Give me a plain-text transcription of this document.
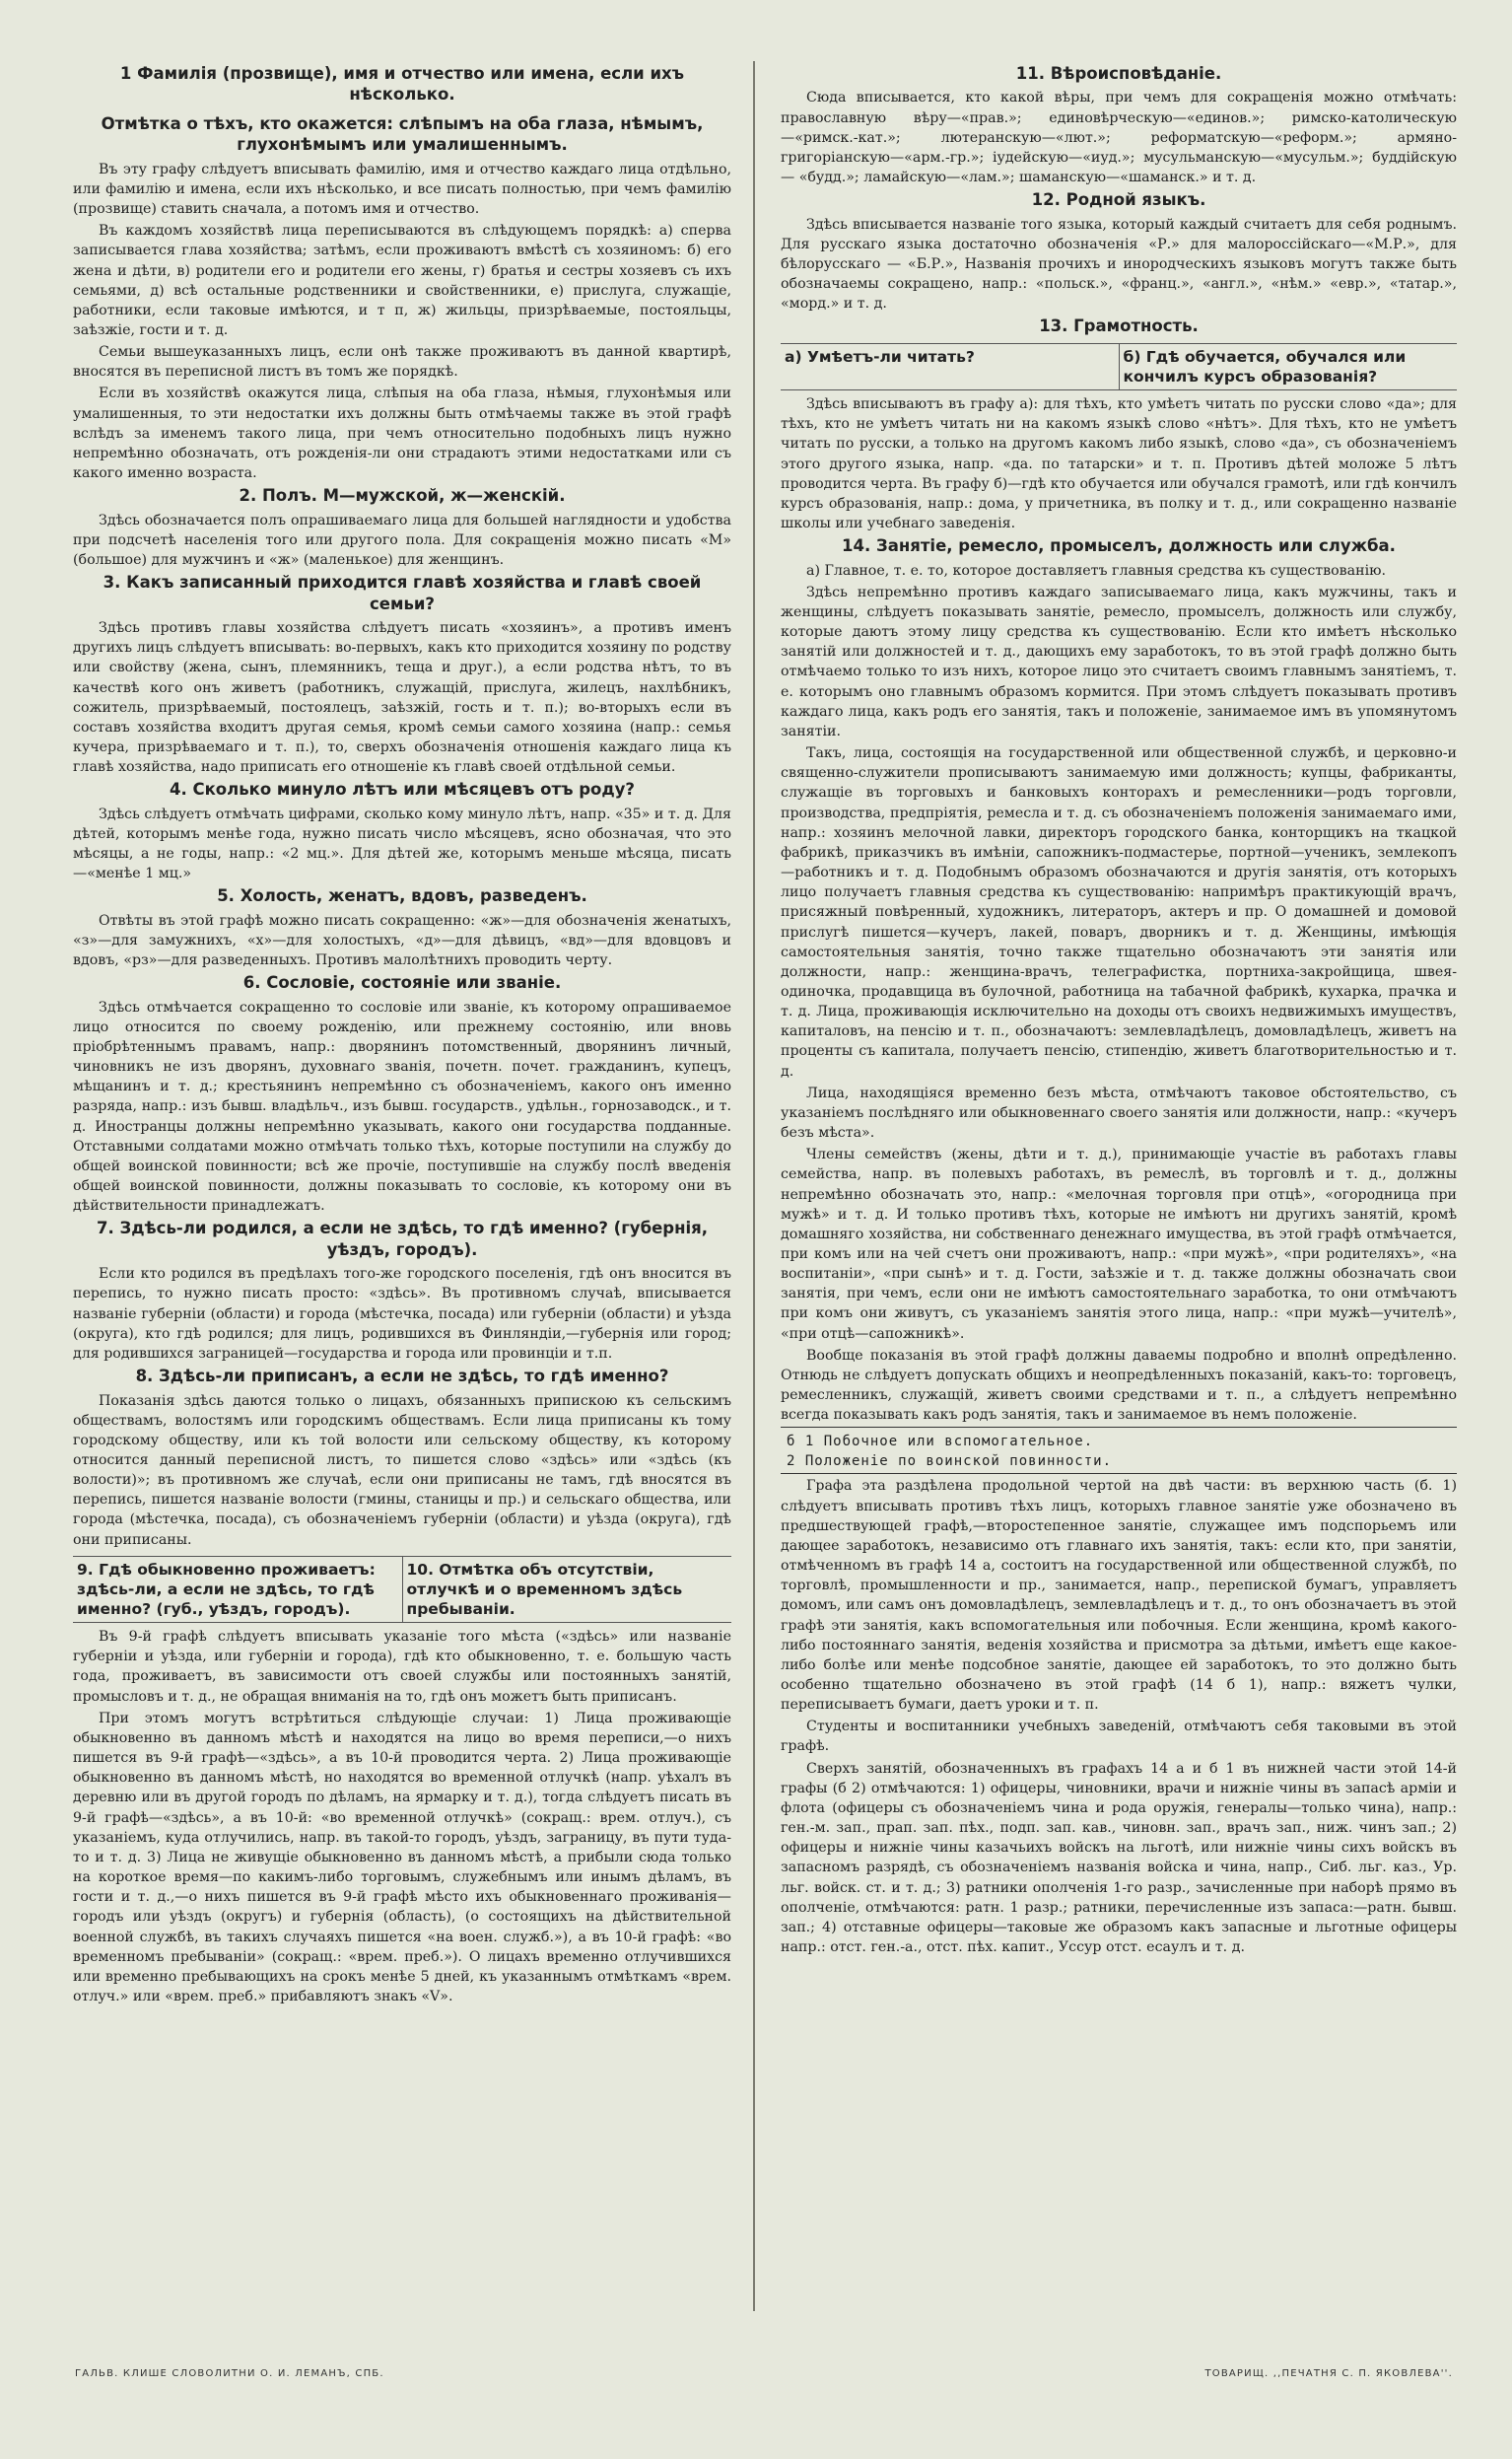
1 Фамилія (прозвище), имя и отчество или имена, если ихъ нѣсколько.
Отмѣтка о тѣхъ, кто окажется: слѣпымъ на оба глаза, нѣмымъ, глухонѣмымъ или умалишеннымъ.

Въ эту графу слѣдуетъ вписывать фамилію, имя и отчество каждаго лица отдѣльно, или фамилію и имена, если ихъ нѣсколько, и все писать полностью, при чемъ фамилію (прозвище) ставить сначала, а потомъ имя и отчество.

Въ каждомъ хозяйствѣ лица переписываются въ слѣдующемъ порядкѣ: а) сперва записывается глава хозяйства; затѣмъ, если проживаютъ вмѣстѣ съ хозяиномъ: б) его жена и дѣти, в) родители его и родители его жены, г) братья и сестры хозяевъ съ ихъ семьями, д) всѣ остальные родственники и свойственники, е) прислуга, служащіе, работники, если таковые имѣются, и т п, ж) жильцы, призрѣваемые, постояльцы, заѣзжіе, гости и т. д.

Семьи вышеуказанныхъ лицъ, если онѣ также проживаютъ въ данной квартирѣ, вносятся въ переписной листъ въ томъ же порядкѣ.

Если въ хозяйствѣ окажутся лица, слѣпыя на оба глаза, нѣмыя, глухонѣмыя или умалишенныя, то эти недостатки ихъ должны быть отмѣчаемы также въ этой графѣ вслѣдъ за именемъ такого лица, при чемъ относительно подобныхъ лицъ нужно непремѣнно обозначать, отъ рожденія-ли они страдаютъ этими недостатками или съ какого именно возраста.

2. Полъ. М—мужской, ж—женскій.

Здѣсь обозначается полъ опрашиваемаго лица для большей наглядности и удобства при подсчетѣ населенія того или другого пола. Для сокращенія можно писать «М» (большое) для мужчинъ и «ж» (маленькое) для женщинъ.

3. Какъ записанный приходится главѣ хозяйства и главѣ своей семьи?

Здѣсь противъ главы хозяйства слѣдуетъ писать «хозяинъ», а противъ именъ другихъ лицъ слѣдуетъ вписывать: во-первыхъ, какъ кто приходится хозяину по родству или свойству (жена, сынъ, племянникъ, теща и друг.), а если родства нѣтъ, то въ качествѣ кого онъ живетъ (работникъ, служащій, прислуга, жилецъ, нахлѣбникъ, сожитель, призрѣваемый, постоялецъ, заѣзжій, гость и т. п.); во-вторыхъ если въ составъ хозяйства входитъ другая семья, кромѣ семьи самого хозяина (напр.: семья кучера, призрѣваемаго и т. п.), то, сверхъ обозначенія отношенія каждаго лица къ главѣ хозяйства, надо приписать его отношеніе къ главѣ своей отдѣльной семьи.

4. Сколько минуло лѣтъ или мѣсяцевъ отъ роду?

Здѣсь слѣдуетъ отмѣчать цифрами, сколько кому минуло лѣтъ, напр. «35» и т. д. Для дѣтей, которымъ менѣе года, нужно писать число мѣсяцевъ, ясно обозначая, что это мѣсяцы, а не годы, напр.: «2 мц.». Для дѣтей же, которымъ меньше мѣсяца, писать—«менѣе 1 мц.»

5. Холость, женатъ, вдовъ, разведенъ.

Отвѣты въ этой графѣ можно писать сокращенно: «ж»—для обозначенія женатыхъ, «з»—для замужнихъ, «х»—для холостыхъ, «д»—для дѣвицъ, «вд»—для вдовцовъ и вдовъ, «рз»—для разведенныхъ. Противъ малолѣтнихъ проводить черту.

6. Сословіе, состояніе или званіе.

Здѣсь отмѣчается сокращенно то сословіе или званіе, къ которому опрашиваемое лицо относится по своему рожденію, или прежнему состоянію, или вновь пріобрѣтеннымъ правамъ, напр.: дворянинъ потомственный, дворянинъ личный, чиновникъ не изъ дворянъ, духовнаго званія, почетн. почет. гражданинъ, купецъ, мѣщанинъ и т. д.; крестьянинъ непремѣнно съ обозначеніемъ, какого онъ именно разряда, напр.: изъ бывш. владѣльч., изъ бывш. государств., удѣльн., горнозаводск., и т. д. Иностранцы должны непремѣнно указывать, какого они государства подданные. Отставными солдатами можно отмѣчать только тѣхъ, которые поступили на службу до общей воинской повинности; всѣ же прочіе, поступившіе на службу послѣ введенія общей воинской повинности, должны показывать то сословіе, къ которому они въ дѣйствительности принадлежатъ.

7. Здѣсь-ли родился, а если не здѣсь, то гдѣ именно? (губернія, уѣздъ, городъ).

Если кто родился въ предѣлахъ того-же городского поселенія, гдѣ онъ вносится въ перепись, то нужно писать просто: «здѣсь». Въ противномъ случаѣ, вписывается названіе губерніи (области) и города (мѣстечка, посада) или губерніи (области) и уѣзда (округа), кто гдѣ родился; для лицъ, родившихся въ Финляндіи,—губернія или город; для родившихся заграницей—государства и города или провинціи и т.п.

8. Здѣсь-ли приписанъ, а если не здѣсь, то гдѣ именно?

Показанія здѣсь даются только о лицахъ, обязанныхъ припискою къ сельскимъ обществамъ, волостямъ или городскимъ обществамъ. Если лица приписаны къ тому городскому обществу, или къ той волости или сельскому обществу, къ которому относится данный переписной листъ, то пишется слово «здѣсь» или «здѣсь (къ волости)»; въ противномъ же случаѣ, если они приписаны не тамъ, гдѣ вносятся въ перепись, пишется названіе волости (гмины, станицы и пр.) и сельскаго общества, или города (мѣстечка, посада), съ обозначеніемъ губерніи (области) и уѣзда (округа), гдѣ они приписаны.

9. Гдѣ обыкновенно проживаетъ: здѣсь-ли, а если не здѣсь, то гдѣ именно? (губ., уѣздъ, городъ).
10. Отмѣтка объ отсутствіи, отлучкѣ и о временномъ здѣсь пребываніи.

Въ 9-й графѣ слѣдуетъ вписывать указаніе того мѣста («здѣсь» или названіе губерніи и уѣзда, или губерніи и города), гдѣ кто обыкновенно, т. е. большую часть года, проживаетъ, въ зависимости отъ своей службы или постоянныхъ занятій, промысловъ и т. д., не обращая вниманія на то, гдѣ онъ можетъ быть приписанъ.

При этомъ могутъ встрѣтиться слѣдующіе случаи: 1) Лица проживающіе обыкновенно въ данномъ мѣстѣ и находятся на лицо во время переписи,—о нихъ пишется въ 9-й графѣ—«здѣсь», а въ 10-й проводится черта. 2) Лица проживающіе обыкновенно въ данномъ мѣстѣ, но находятся во временной отлучкѣ (напр. уѣхалъ въ деревню или въ другой городъ по дѣламъ, на ярмарку и т. д.), тогда слѣдуетъ писать въ 9-й графѣ—«здѣсь», а въ 10-й: «во временной отлучкѣ» (сокращ.: врем. отлуч.), съ указаніемъ, куда отлучились, напр. въ такой-то городъ, уѣздъ, заграницу, въ пути туда-то и т. д. 3) Лица не живущіе обыкновенно въ данномъ мѣстѣ, а прибыли сюда только на короткое время—по какимъ-либо торговымъ, служебнымъ или инымъ дѣламъ, въ гости и т. д.,—о нихъ пишется въ 9-й графѣ мѣсто ихъ обыкновеннаго проживанія—городъ или уѣздъ (округъ) и губернія (область), (о состоящихъ на дѣйствительной военной службѣ, въ такихъ случаяхъ пишется «на воен. служб.»), а въ 10-й графѣ: «во временномъ пребываніи» (сокращ.: «врем. преб.»). О лицахъ временно отлучившихся или временно пребывающихъ на срокъ менѣе 5 дней, къ указаннымъ отмѣткамъ «врем. отлуч.» или «врем. преб.» прибавляютъ знакъ «V».

11. Вѣроисповѣданіе.

Сюда вписывается, кто какой вѣры, при чемъ для сокращенія можно отмѣчать: православную вѣру—«прав.»; единовѣрческую—«единов.»; римско-католическую—«римск.-кат.»; лютеранскую—«лют.»; реформатскую—«реформ.»; армяно-григоріанскую—«арм.-гр.»; іудейскую—«иуд.»; мусульманскую—«мусульм.»; буддійскую — «будд.»; ламайскую—«лам.»; шаманскую—«шаманск.» и т. д.

12. Родной языкъ.

Здѣсь вписывается названіе того языка, который каждый считаетъ для себя роднымъ. Для русскаго языка достаточно обозначенія «Р.» для малороссійскаго—«М.Р.», для бѣлорусскаго — «Б.Р.», Названія прочихъ и инородческихъ языковъ могутъ также быть обозначаемы сокращено, напр.: «польск.», «франц.», «англ.», «нѣм.» «евр.», «татар.», «морд.» и т. д.

13. Грамотность.
а) Умѣетъ-ли читать?	б) Гдѣ обучается, обучался или кончилъ курсъ образованія?

Здѣсь вписываютъ въ графу а): для тѣхъ, кто умѣетъ читать по русски слово «да»; для тѣхъ, кто не умѣетъ читать ни на какомъ языкѣ слово «нѣтъ». Для тѣхъ, кто не умѣетъ читать по русски, а только на другомъ какомъ либо языкѣ, слово «да», съ обозначеніемъ этого другого языка, напр. «да. по татарски» и т. п. Противъ дѣтей моложе 5 лѣтъ проводится черта. Въ графу б)—гдѣ кто обучается или обучался грамотѣ, или гдѣ кончилъ курсъ образованія, напр.: дома, у причетника, въ полку и т. д., или сокращенно названіе школы или учебнаго заведенія.

14. Занятіе, ремесло, промыселъ, должность или служба.

а) Главное, т. е. то, которое доставляетъ главныя средства къ существованію.

Здѣсь непремѣнно противъ каждаго записываемаго лица, какъ мужчины, такъ и женщины, слѣдуетъ показывать занятіе, ремесло, промыселъ, должность или службу, которые даютъ этому лицу средства къ существованію. Если кто имѣетъ нѣсколько занятій или должностей и т. д., дающихъ ему заработокъ, то въ этой графѣ должно быть отмѣчаемо только то изъ нихъ, которое лицо это считаетъ своимъ главнымъ занятіемъ, т. е. которымъ оно главнымъ образомъ кормится. При этомъ слѣдуетъ показывать противъ каждаго лица, какъ родъ его занятія, такъ и положеніе, занимаемое имъ въ упомянутомъ занятіи.

Такъ, лица, состоящія на государственной или общественной службѣ, и церковно-и священно-служители прописываютъ занимаемую ими должность; купцы, фабриканты, служащіе въ торговыхъ и банковыхъ конторахъ и ремесленники—родъ торговли, производства, предпріятія, ремесла и т. д. съ обозначеніемъ положенія занимаемаго ими, напр.: хозяинъ мелочной лавки, директоръ городского банка, конторщикъ на ткацкой фабрикѣ, приказчикъ въ имѣніи, сапожникъ-подмастерье, портной—ученикъ, землекопъ—работникъ и т. д. Подобнымъ образомъ обозначаются и другія занятія, отъ которыхъ лицо получаетъ главныя средства къ существованію: напримѣръ практикующій врачъ, присяжный повѣренный, художникъ, литераторъ, актеръ и пр. О домашней и домовой прислугѣ пишется—кучеръ, лакей, поваръ, дворникъ и т. д. Женщины, имѣющія самостоятельныя занятія, точно также тщательно обозначаютъ эти занятія или должности, напр.: женщина-врачъ, телеграфистка, портниха-закройщица, швея-одиночка, продавщица въ булочной, работница на табачной фабрикѣ, кухарка, прачка и т. д. Лица, проживающія исключительно на доходы отъ своихъ недвижимыхъ имуществъ, капиталовъ, на пенсію и т. п., обозначаютъ: землевладѣлецъ, домовладѣлецъ, живетъ на проценты съ капитала, получаетъ пенсію, стипендію, живетъ благотворительностью и т. д.

Лица, находящіяся временно безъ мѣста, отмѣчаютъ таковое обстоятельство, съ указаніемъ послѣдняго или обыкновеннаго своего занятія или должности, напр.: «кучеръ безъ мѣста».

Члены семействъ (жены, дѣти и т. д.), принимающіе участіе въ работахъ главы семейства, напр. въ полевыхъ работахъ, въ ремеслѣ, въ торговлѣ и т. д., должны непремѣнно обозначать это, напр.: «мелочная торговля при отцѣ», «огородница при мужѣ» и т. д. И только противъ тѣхъ, которые не имѣютъ ни другихъ занятій, кромѣ домашняго хозяйства, ни собственнаго денежнаго имущества, въ этой графѣ отмѣчается, при комъ или на чей счетъ они проживаютъ, напр.: «при мужѣ», «при родителяхъ», «на воспитаніи», «при сынѣ» и т. д. Гости, заѣзжіе и т. д. также должны обозначать свои занятія, при чемъ, если они не имѣютъ самостоятельнаго заработка, то они отмѣчаютъ при комъ они живутъ, съ указаніемъ занятія этого лица, напр.: «при мужѣ—учителѣ», «при отцѣ—сапожникѣ».

Вообще показанія въ этой графѣ должны даваемы подробно и вполнѣ опредѣленно. Отнюдь не слѣдуетъ допускать общихъ и неопредѣленныхъ показаній, какъ-то: торговецъ, ремесленникъ, служащій, живетъ своими средствами и т. п., а слѣдуетъ непремѣнно всегда показывать какъ родъ занятія, такъ и занимаемое въ немъ положеніе.

б 1 Побочное или вспомогательное.
2 Положеніе по воинской повинности.

Графа эта раздѣлена продольной чертой на двѣ части: въ верхнюю часть (б. 1) слѣдуетъ вписывать противъ тѣхъ лицъ, которыхъ главное занятіе уже обозначено въ предшествующей графѣ,—второстепенное занятіе, служащее имъ подспорьемъ или дающее заработокъ, независимо отъ главнаго ихъ занятія, такъ: если кто, при занятіи, отмѣченномъ въ графѣ 14 а, состоитъ на государственной или общественной службѣ, по торговлѣ, промышленности и пр., занимается, напр., перепиской бумагъ, управляетъ домомъ, или самъ онъ домовладѣлецъ, землевладѣлецъ и т. д., то онъ обозначаетъ въ этой графѣ эти занятія, какъ вспомогательныя или побочныя. Если женщина, кромѣ какого-либо постояннаго занятія, веденія хозяйства и присмотра за дѣтьми, имѣетъ еще какое-либо болѣе или менѣе подсобное занятіе, дающее ей заработокъ, то это должно быть особенно тщательно обозначено въ этой графѣ (14 б 1), напр.: вяжетъ чулки, переписываетъ бумаги, даетъ уроки и т. п.

Студенты и воспитанники учебныхъ заведеній, отмѣчаютъ себя таковыми въ этой графѣ.

Сверхъ занятій, обозначенныхъ въ графахъ 14 а и б 1 въ нижней части этой 14-й графы (б 2) отмѣчаются: 1) офицеры, чиновники, врачи и нижніе чины въ запасѣ арміи и флота (офицеры съ обозначеніемъ чина и рода оружія, генералы—только чина), напр.: ген.-м. зап., прап. зап. пѣх., подп. зап. кав., чиновн. зап., врачъ зап., ниж. чинъ зап.; 2) офицеры и нижніе чины казачьихъ войскъ на льготѣ, или нижніе чины сихъ войскъ въ запасномъ разрядѣ, съ обозначеніемъ названія войска и чина, напр., Сиб. льг. каз., Ур. льг. войск. ст. и т. д.; 3) ратники ополченія 1-го разр., зачисленные при наборѣ прямо въ ополченіе, отмѣчаются: ратн. 1 разр.; ратники, перечисленные изъ запаса:—ратн. бывш. зап.; 4) отставные офицеры—таковые же образомъ какъ запасные и льготные офицеры напр.: отст. ген.-а., отст. пѣх. капит., Уссур отст. есаулъ и т. д.

ГАЛЬВ. КЛИШЕ СЛОВОЛИТНИ О. И. ЛЕМАНЪ, СПБ.	ТОВАРИЩ. ,,ПЕЧАТНЯ С. П. ЯКОВЛЕВА''.
